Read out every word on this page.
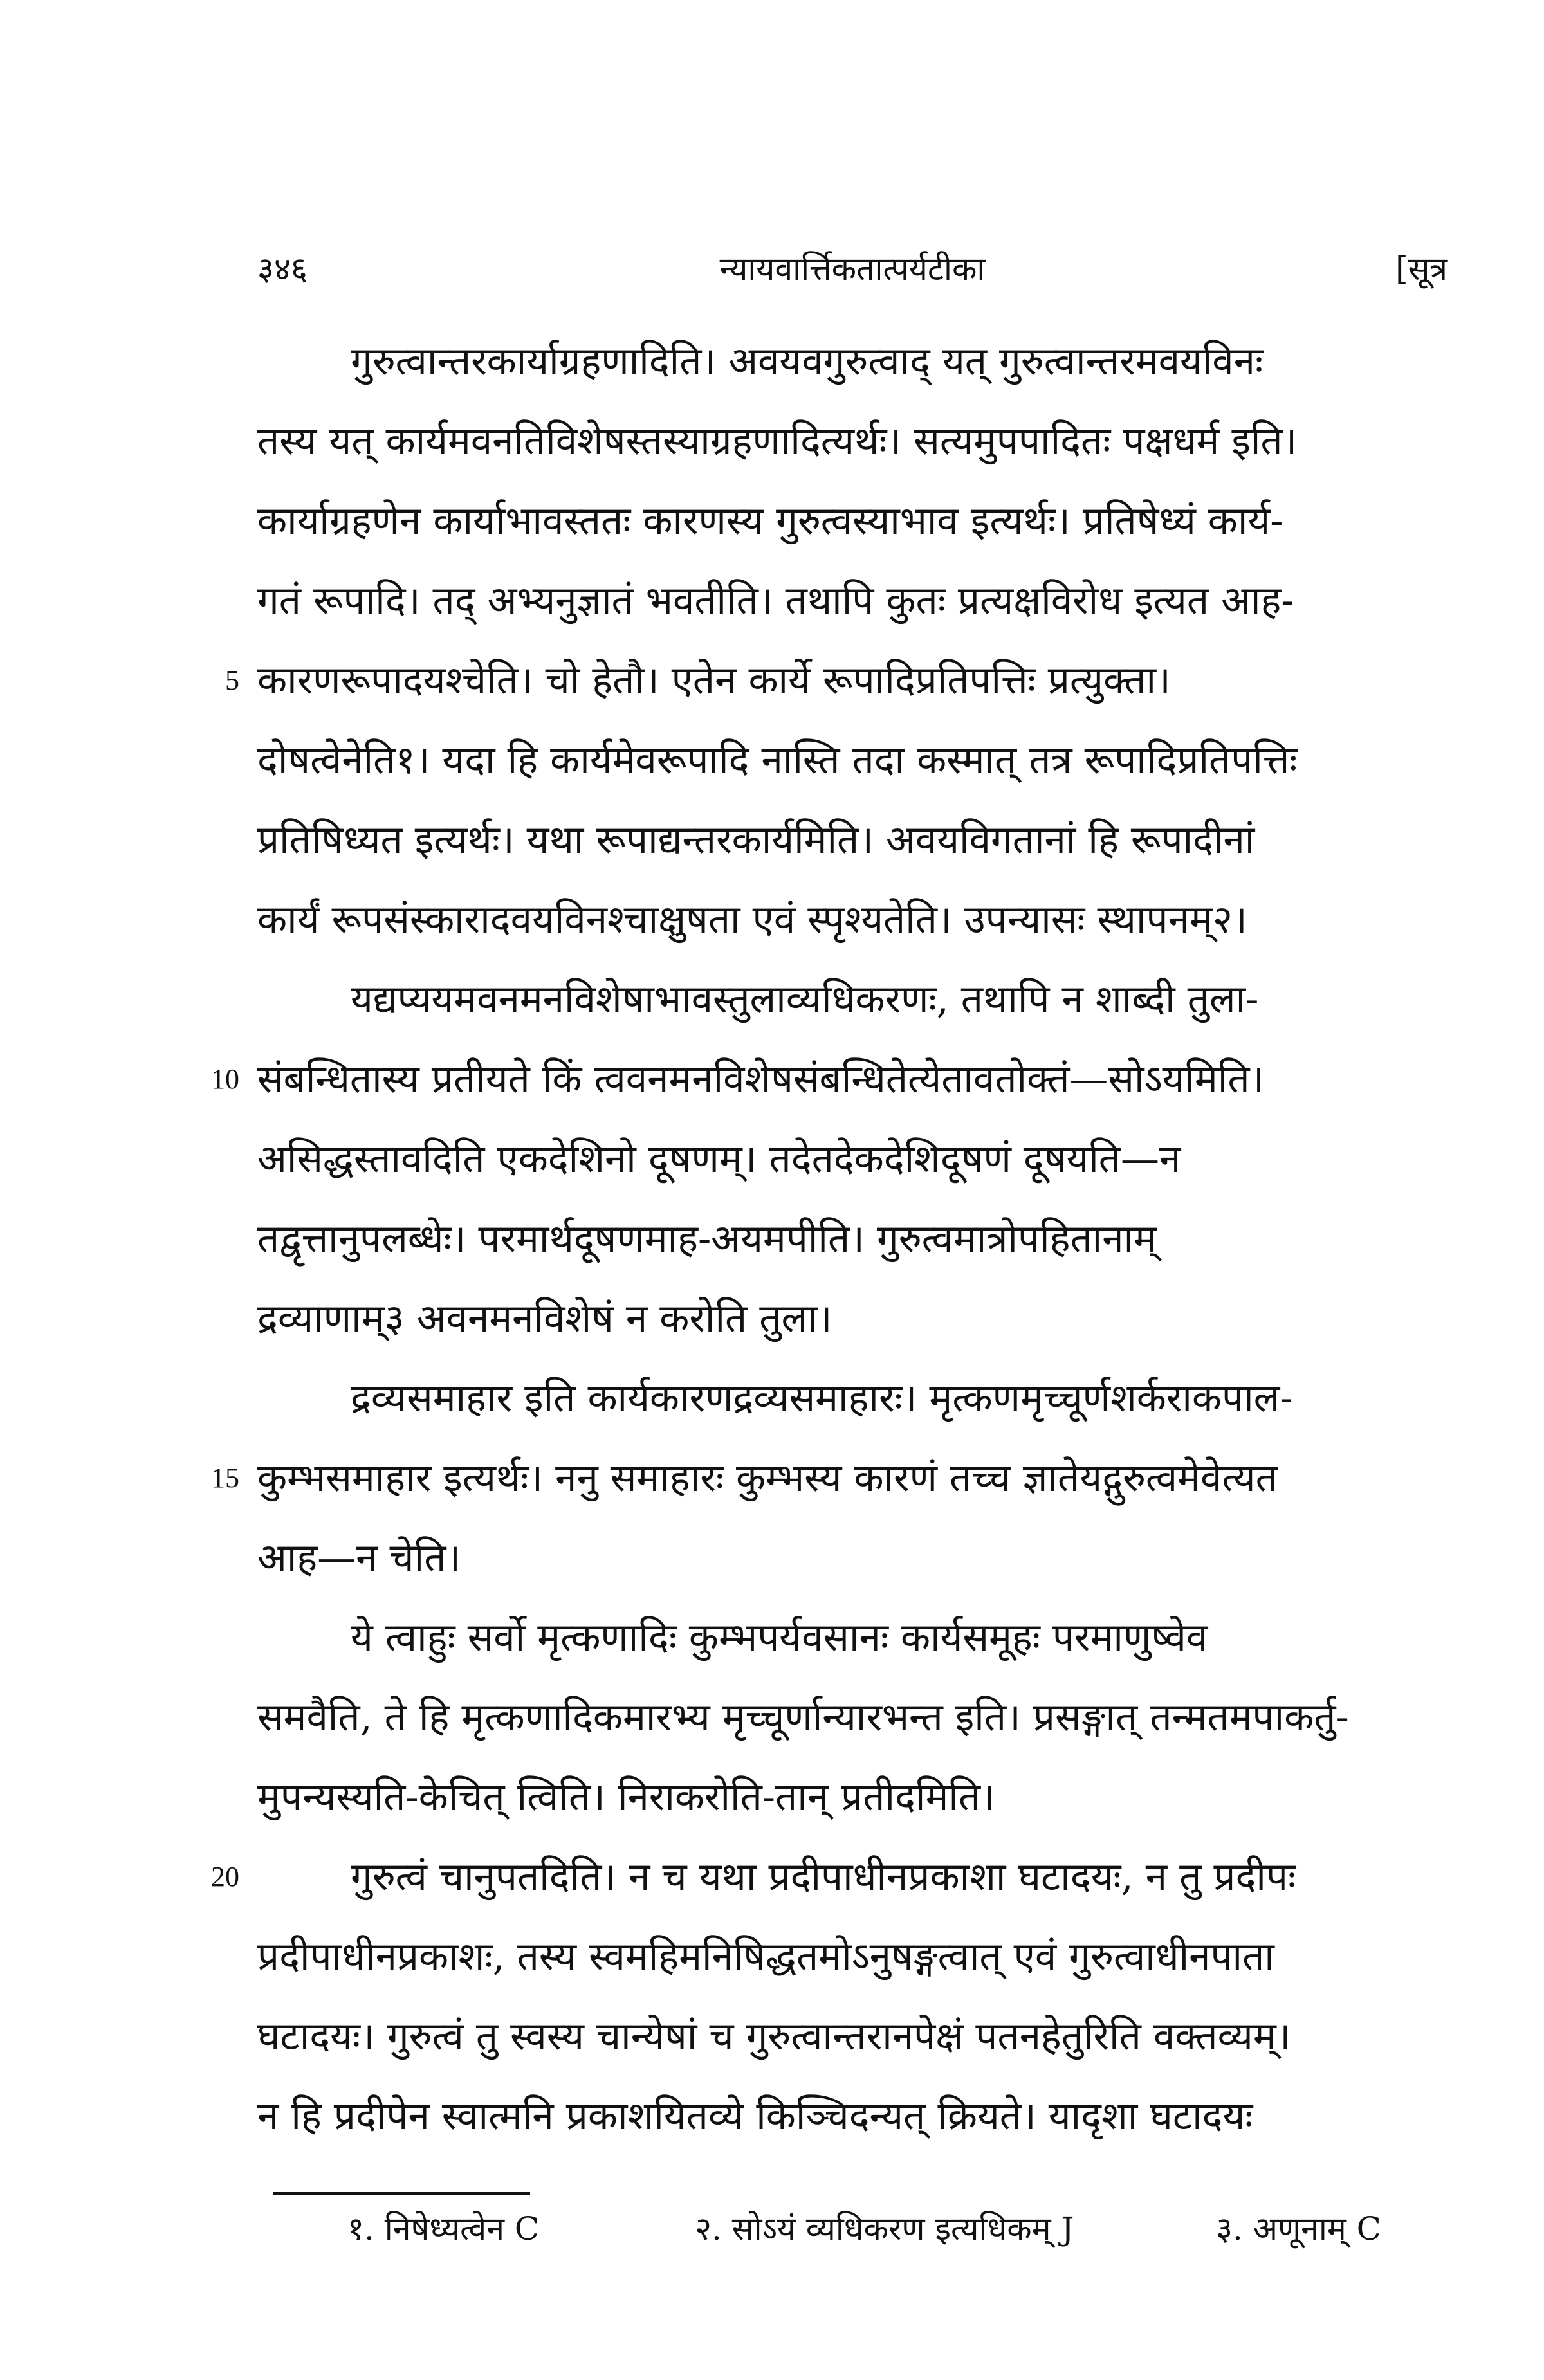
३४६	न्यायवार्त्तिकतात्पर्यटीका	[सूत्र
गुरुत्वान्तरकार्याग्रहणादिति। अवयवगुरुत्वाद् यत् गुरुत्वान्तरमवयविनः
तस्य यत् कार्यमवनतिविशेषस्तस्याग्रहणादित्यर्थः। सत्यमुपपादितः पक्षधर्म इति।
कार्याग्रहणेन कार्याभावस्ततः कारणस्य गुरुत्वस्याभाव इत्यर्थः। प्रतिषेध्यं कार्य-
गतं रूपादि। तद् अभ्यनुज्ञातं भवतीति। तथापि कुतः प्रत्यक्षविरोध इत्यत आह-
कारणरूपादयश्चेति। चो हेतौ। एतेन कार्ये रूपादिप्रतिपत्तिः प्रत्युक्ता।
दोषत्वेनेति१। यदा हि कार्यमेवरूपादि नास्ति तदा कस्मात् तत्र रूपादिप्रतिपत्तिः
प्रतिषिध्यत इत्यर्थः। यथा रूपाद्यन्तरकार्यमिति। अवयविगतानां हि रूपादीनां
कार्यं रूपसंस्कारादवयविनश्चाक्षुषता एवं स्पृश्यतेति। उपन्यासः स्थापनम्२।
यद्यप्ययमवनमनविशेषाभावस्तुलाव्यधिकरणः, तथापि न शाब्दी तुला-
संबन्धितास्य प्रतीयते किं त्ववनमनविशेषसंबन्धितेत्येतावतोक्तं—सोऽयमिति।
असिद्धस्तावदिति एकदेशिनो दूषणम्। तदेतदेकदेशिदूषणं दूषयति—न
तद्वृत्तानुपलब्धेः। परमार्थदूषणमाह-अयमपीति। गुरुत्वमात्रोपहितानाम्
द्रव्याणाम्३ अवनमनविशेषं न करोति तुला।
द्रव्यसमाहार इति कार्यकारणद्रव्यसमाहारः। मृत्कणमृच्चूर्णशर्कराकपाल-
कुम्भसमाहार इत्यर्थः। ननु समाहारः कुम्भस्य कारणं तच्च ज्ञातेयद्गुरुत्वमेवेत्यत
आह—न चेति।
ये त्वाहुः सर्वो मृत्कणादिः कुम्भपर्यवसानः कार्यसमूहः परमाणुष्वेव
समवैति, ते हि मृत्कणादिकमारभ्य मृच्चूर्णान्यारभन्त इति। प्रसङ्गात् तन्मतमपाकर्तु-
मुपन्यस्यति-केचित् त्विति। निराकरोति-तान् प्रतीदमिति।
गुरुत्वं चानुपतदिति। न च यथा प्रदीपाधीनप्रकाशा घटादयः, न तु प्रदीपः
प्रदीपाधीनप्रकाशः, तस्य स्वमहिमनिषिद्धतमोऽनुषङ्गत्वात् एवं गुरुत्वाधीनपाता
घटादयः। गुरुत्वं तु स्वस्य चान्येषां च गुरुत्वान्तरानपेक्षं पतनहेतुरिति वक्तव्यम्।
न हि प्रदीपेन स्वात्मनि प्रकाशयितव्ये किञ्चिदन्यत् क्रियते। यादृशा घटादयः
5
10
15
20
१. निषेध्यत्वेन C	२. सोऽयं व्यधिकरण इत्यधिकम् J	३. अणूनाम् C
